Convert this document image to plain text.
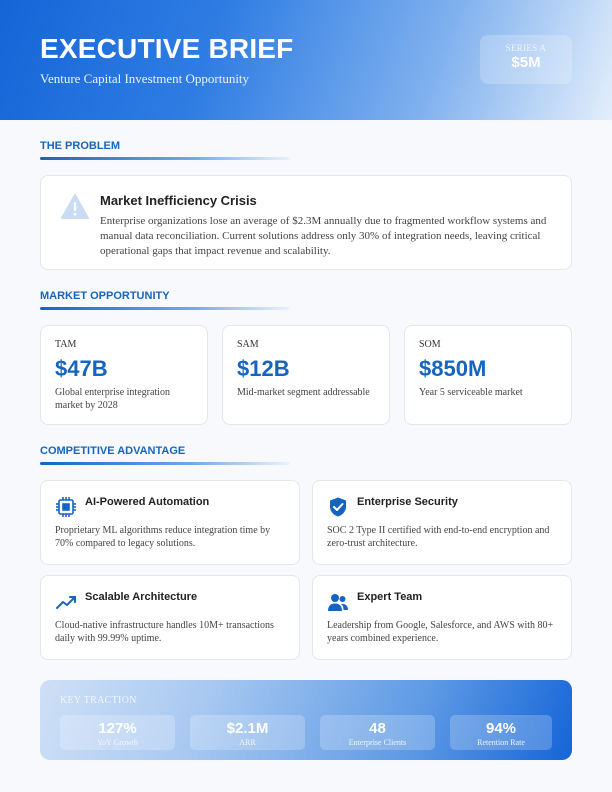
EXECUTIVE BRIEF
Venture Capital Investment Opportunity
SERIES A
$5M
THE PROBLEM
Market Inefficiency Crisis
Enterprise organizations lose an average of $2.3M annually due to fragmented workflow systems and manual data reconciliation. Current solutions address only 30% of integration needs, leaving critical operational gaps that impact revenue and scalability.
MARKET OPPORTUNITY
TAM
$47B
Global enterprise integration market by 2028
SAM
$12B
Mid-market segment addressable
SOM
$850M
Year 5 serviceable market
COMPETITIVE ADVANTAGE
AI-Powered Automation
Proprietary ML algorithms reduce integration time by 70% compared to legacy solutions.
Enterprise Security
SOC 2 Type II certified with end-to-end encryption and zero-trust architecture.
Scalable Architecture
Cloud-native infrastructure handles 10M+ transactions daily with 99.99% uptime.
Expert Team
Leadership from Google, Salesforce, and AWS with 80+ years combined experience.
KEY TRACTION
127%
YoY Growth
$2.1M
ARR
48
Enterprise Clients
94%
Retention Rate
